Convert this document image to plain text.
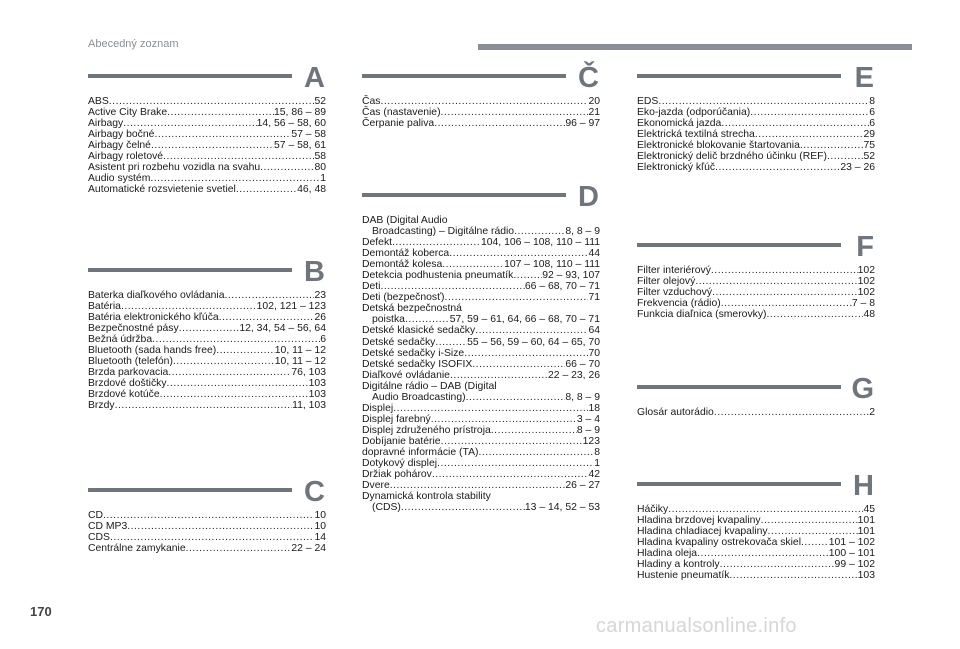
Abecedný zoznam
A
ABS .....	52
Active City Brake .....	15, 86 – 89
Airbagy .....	14, 56 – 58, 60
Airbagy bočné .....	57 – 58
Airbagy čelné .....	57 – 58, 61
Airbagy roletové .....	58
Asistent pri rozbehu vozidla na svahu .....	80
Audio systém .....	1
Automatické rozsvietenie svetiel .....	46, 48
B
Baterka diaľkového ovládania .....	23
Batéria .....	102, 121 – 123
Batéria elektronického kľúča .....	26
Bezpečnostné pásy .....	12, 34, 54 – 56, 64
Bežná údržba .....	6
Bluetooth (sada hands free) .....	10, 11 – 12
Bluetooth (telefón) .....	10, 11 – 12
Brzda parkovacia .....	76, 103
Brzdové doštičky .....	103
Brzdové kotúče .....	103
Brzdy .....	11, 103
C
CD .....	10
CD MP3 .....	10
CDS .....	14
Centrálne zamykanie .....	22 – 24
Č
Čas .....	20
Čas (nastavenie) .....	21
Čerpanie paliva .....	96 – 97
D
DAB (Digital Audio
Broadcasting) – Digitálne rádio .....	8, 8 – 9
Defekt .....	104, 106 – 108, 110 – 111
Demontáž koberca .....	44
Demontáž kolesa .....	107 – 108, 110 – 111
Detekcia podhustenia pneumatík .....	92 – 93, 107
Deti .....	66 – 68, 70 – 71
Deti (bezpečnosť) .....	71
Detská bezpečnostná
poistka .....	57, 59 – 61, 64, 66 – 68, 70 – 71
Detské klasické sedačky .....	64
Detské sedačky .....	55 – 56, 59 – 60, 64 – 65, 70
Detské sedačky i-Size .....	70
Detské sedačky ISOFIX .....	66 – 70
Diaľkové ovládanie .....	22 – 23, 26
Digitálne rádio – DAB (Digital
Audio Broadcasting) .....	8, 8 – 9
Displej .....	18
Displej farebný .....	3 – 4
Displej združeného prístroja .....	8 – 9
Dobíjanie batérie .....	123
dopravné informácie (TA) .....	8
Dotykový displej .....	1
Držiak pohárov .....	42
Dvere .....	26 – 27
Dynamická kontrola stability
(CDS) .....	13 – 14, 52 – 53
E
EDS .....	8
Eko-jazda (odporúčania) .....	6
Ekonomická jazda .....	6
Elektrická textilná strecha .....	29
Elektronické blokovanie štartovania .....	75
Elektronický delič brzdného účinku (REF) .....	52
Elektronický kľúč .....	23 – 26
F
Filter interiérový .....	102
Filter olejový .....	102
Filter vzduchový .....	102
Frekvencia (rádio) .....	7 – 8
Funkcia diaľnica (smerovky) .....	48
G
Glosár autorádio .....	2
H
Háčiky .....	45
Hladina brzdovej kvapaliny .....	101
Hladina chladiacej kvapaliny .....	101
Hladina kvapaliny ostrekovača skiel .....	101 – 102
Hladina oleja .....	100 – 101
Hladiny a kontroly .....	99 – 102
Hustenie pneumatík .....	103
170
carmanualsonline.info
